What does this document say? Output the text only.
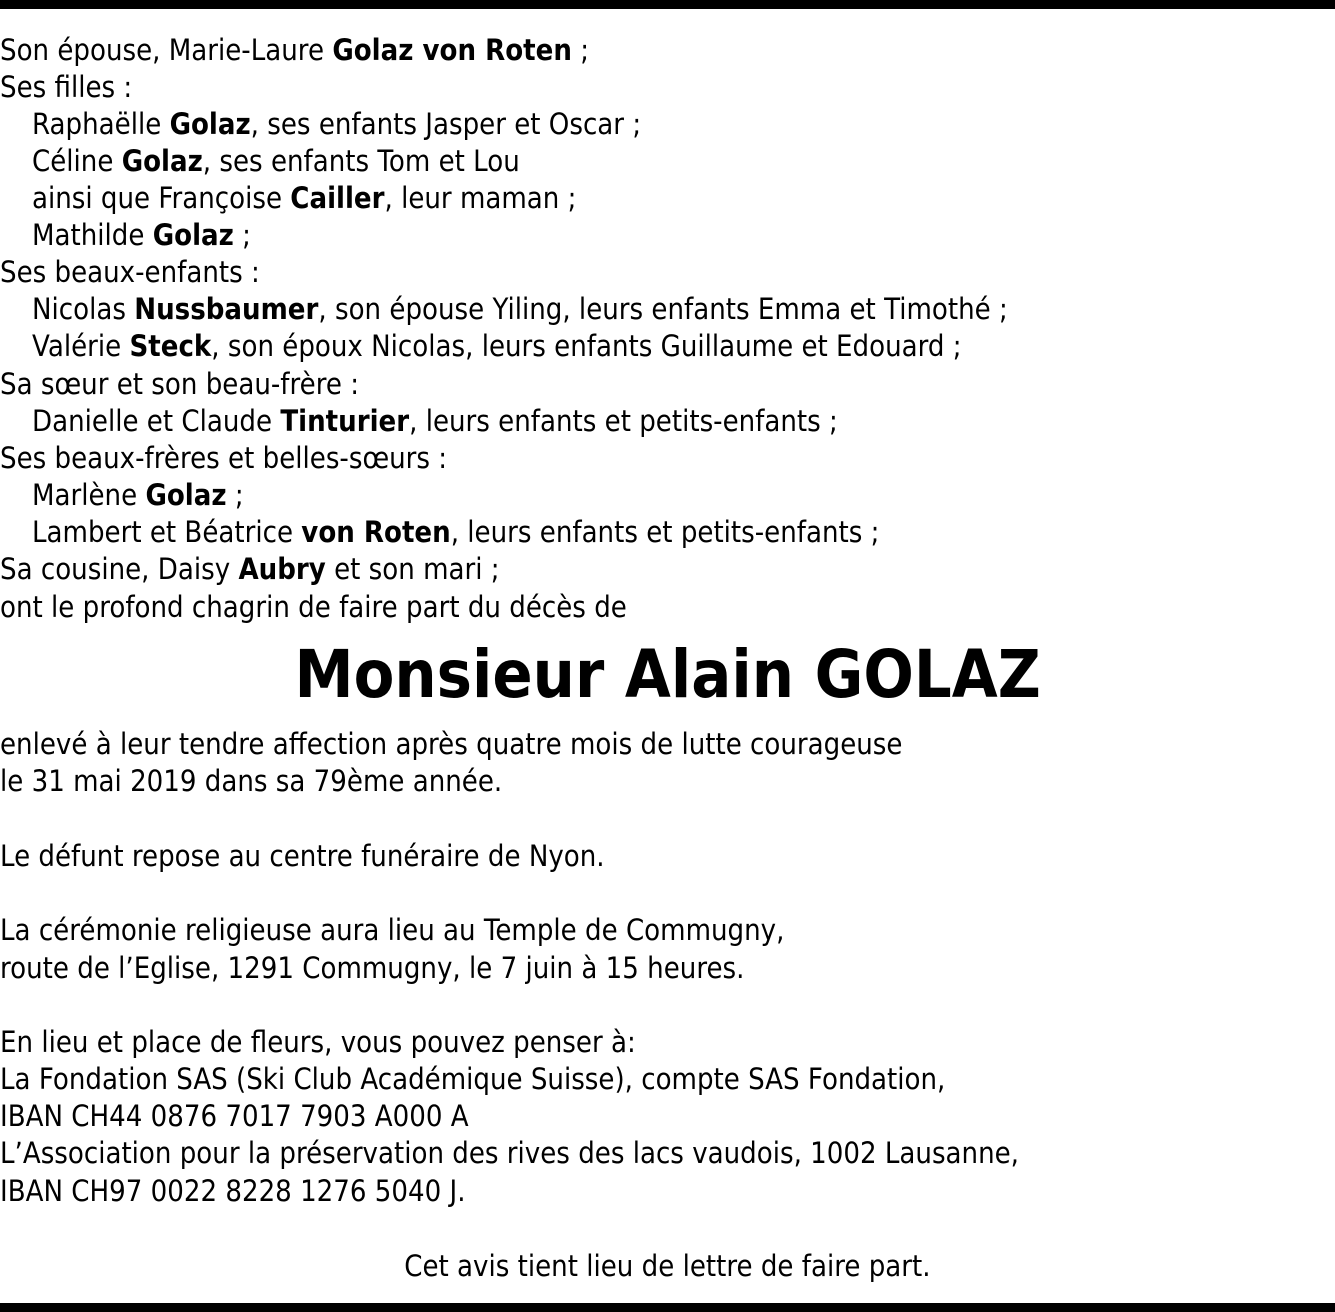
Son épouse, Marie-Laure Golaz von Roten ;
Ses filles :
Raphaëlle Golaz, ses enfants Jasper et Oscar ;
Céline Golaz, ses enfants Tom et Lou
ainsi que Françoise Cailler, leur maman ;
Mathilde Golaz ;
Ses beaux-enfants :
Nicolas Nussbaumer, son épouse Yiling, leurs enfants Emma et Timothé ;
Valérie Steck, son époux Nicolas, leurs enfants Guillaume et Edouard ;
Sa sœur et son beau-frère :
Danielle et Claude Tinturier, leurs enfants et petits-enfants ;
Ses beaux-frères et belles-sœurs :
Marlène Golaz ;
Lambert et Béatrice von Roten, leurs enfants et petits-enfants ;
Sa cousine, Daisy Aubry et son mari ;
ont le profond chagrin de faire part du décès de
Monsieur Alain GOLAZ
enlevé à leur tendre affection après quatre mois de lutte courageuse
le 31 mai 2019 dans sa 79ème année.
Le défunt repose au centre funéraire de Nyon.
La cérémonie religieuse aura lieu au Temple de Commugny,
route de l’Eglise, 1291 Commugny, le 7 juin à 15 heures.
En lieu et place de fleurs, vous pouvez penser à:
La Fondation SAS (Ski Club Académique Suisse), compte SAS Fondation,
IBAN CH44 0876 7017 7903 A000 A
L’Association pour la préservation des rives des lacs vaudois, 1002 Lausanne,
IBAN CH97 0022 8228 1276 5040 J.
Cet avis tient lieu de lettre de faire part.
